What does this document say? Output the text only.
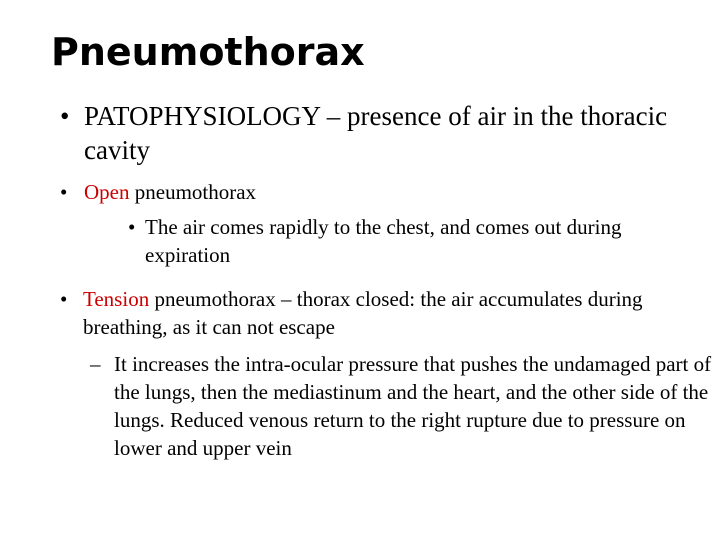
Pneumothorax
• PATOPHYSIOLOGY – presence of air in the thoracic cavity
• Open pneumothorax
• The air comes rapidly to the chest, and comes out during expiration
• Tension pneumothorax – thorax closed: the air accumulates during breathing, as it can not escape
– It increases the intra-ocular pressure that pushes the undamaged part of the lungs, then the mediastinum and the heart, and the other side of the lungs. Reduced venous return to the right rupture due to pressure on lower and upper vein
